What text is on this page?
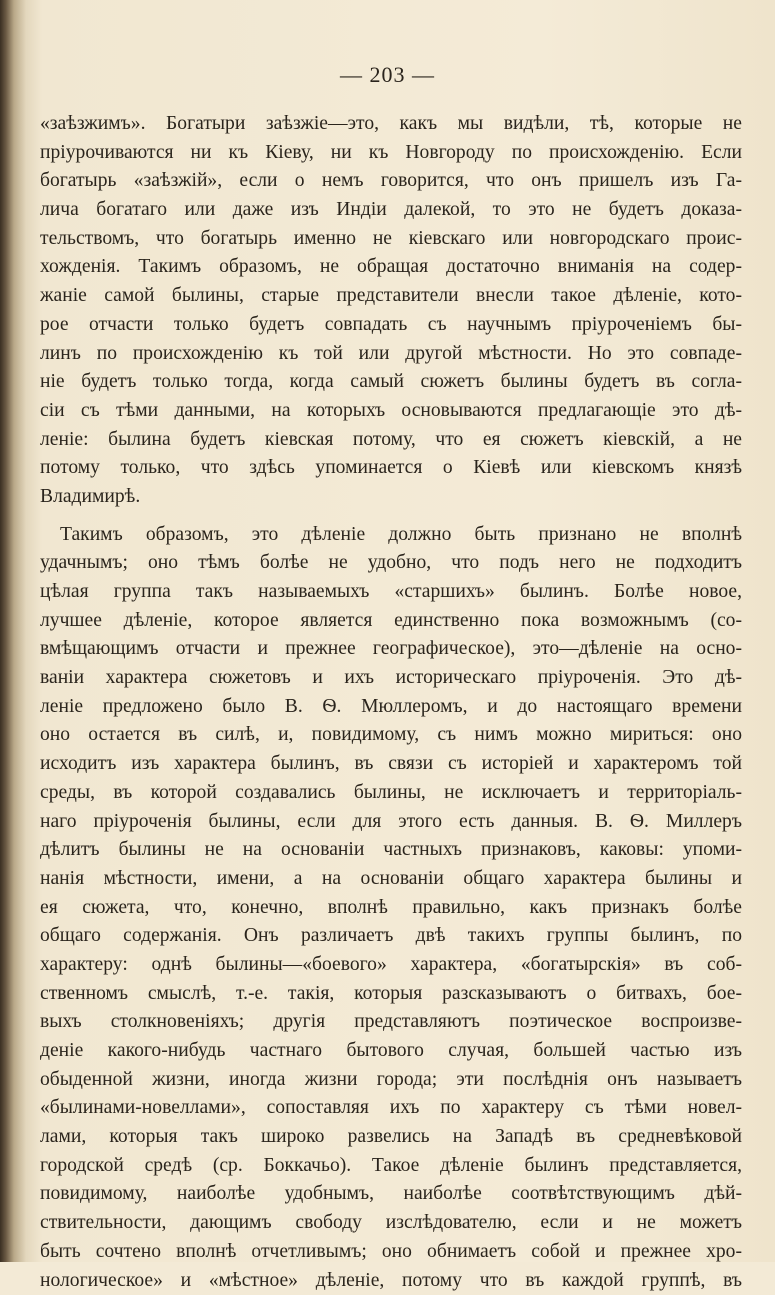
— 203 —
«заѣзжимъ». Богатыри заѣзжіе—это, какъ мы видѣли, тѣ, которые не
пріурочиваются ни къ Кіеву, ни къ Новгороду по происхожденію. Если
богатырь «заѣзжій», если о немъ говорится, что онъ пришелъ изъ Га-
лича богатаго или даже изъ Индіи далекой, то это не будетъ доказа-
тельствомъ, что богатырь именно не кіевскаго или новгородскаго проис-
хожденія. Такимъ образомъ, не обращая достаточно вниманія на содер-
жаніе самой былины, старые представители внесли такое дѣленіе, кото-
рое отчасти только будетъ совпадать съ научнымъ пріуроченіемъ бы-
линъ по происхожденію къ той или другой мѣстности. Но это совпаде-
ніе будетъ только тогда, когда самый сюжетъ былины будетъ въ согла-
сіи съ тѣми данными, на которыхъ основываются предлагающіе это дѣ-
леніе: былина будетъ кіевская потому, что ея сюжетъ кіевскій, а не
потому только, что здѣсь упоминается о Кіевѣ или кіевскомъ князѣ
Владимирѣ.
Такимъ образомъ, это дѣленіе должно быть признано не вполнѣ
удачнымъ; оно тѣмъ болѣе не удобно, что подъ него не подходитъ
цѣлая группа такъ называемыхъ «старшихъ» былинъ. Болѣе новое,
лучшее дѣленіе, которое является единственно пока возможнымъ (со-
вмѣщающимъ отчасти и прежнее географическое), это—дѣленіе на осно-
ваніи характера сюжетовъ и ихъ историческаго пріуроченія. Это дѣ-
леніе предложено было В. Ѳ. Мюллеромъ, и до настоящаго времени
оно остается въ силѣ, и, повидимому, съ нимъ можно мириться: оно
исходитъ изъ характера былинъ, въ связи съ исторіей и характеромъ той
среды, въ которой создавались былины, не исключаетъ и территоріаль-
наго пріуроченія былины, если для этого есть данныя. В. Ѳ. Миллеръ
дѣлитъ былины не на основаніи частныхъ признаковъ, каковы: упоми-
нанія мѣстности, имени, а на основаніи общаго характера былины и
ея сюжета, что, конечно, вполнѣ правильно, какъ признакъ болѣе
общаго содержанія. Онъ различаетъ двѣ такихъ группы былинъ, по
характеру: однѣ былины—«боевого» характера, «богатырскія» въ соб-
ственномъ смыслѣ, т.-е. такія, которыя разсказываютъ о битвахъ, бое-
выхъ столкновеніяхъ; другія представляютъ поэтическое воспроизве-
деніе какого-нибудь частнаго бытового случая, большей частью изъ
обыденной жизни, иногда жизни города; эти послѣднія онъ называетъ
«былинами-новеллами», сопоставляя ихъ по характеру съ тѣми новел-
лами, которыя такъ широко развелись на Западѣ въ средневѣковой
городской средѣ (ср. Боккачьо). Такое дѣленіе былинъ представляется,
повидимому, наиболѣе удобнымъ, наиболѣе соотвѣтствующимъ дѣй-
ствительности, дающимъ свободу изслѣдователю, если и не можетъ
быть сочтено вполнѣ отчетливымъ; оно обнимаетъ собой и прежнее хро-
нологическое» и «мѣстное» дѣленіе, потому что въ каждой группѣ, въ
